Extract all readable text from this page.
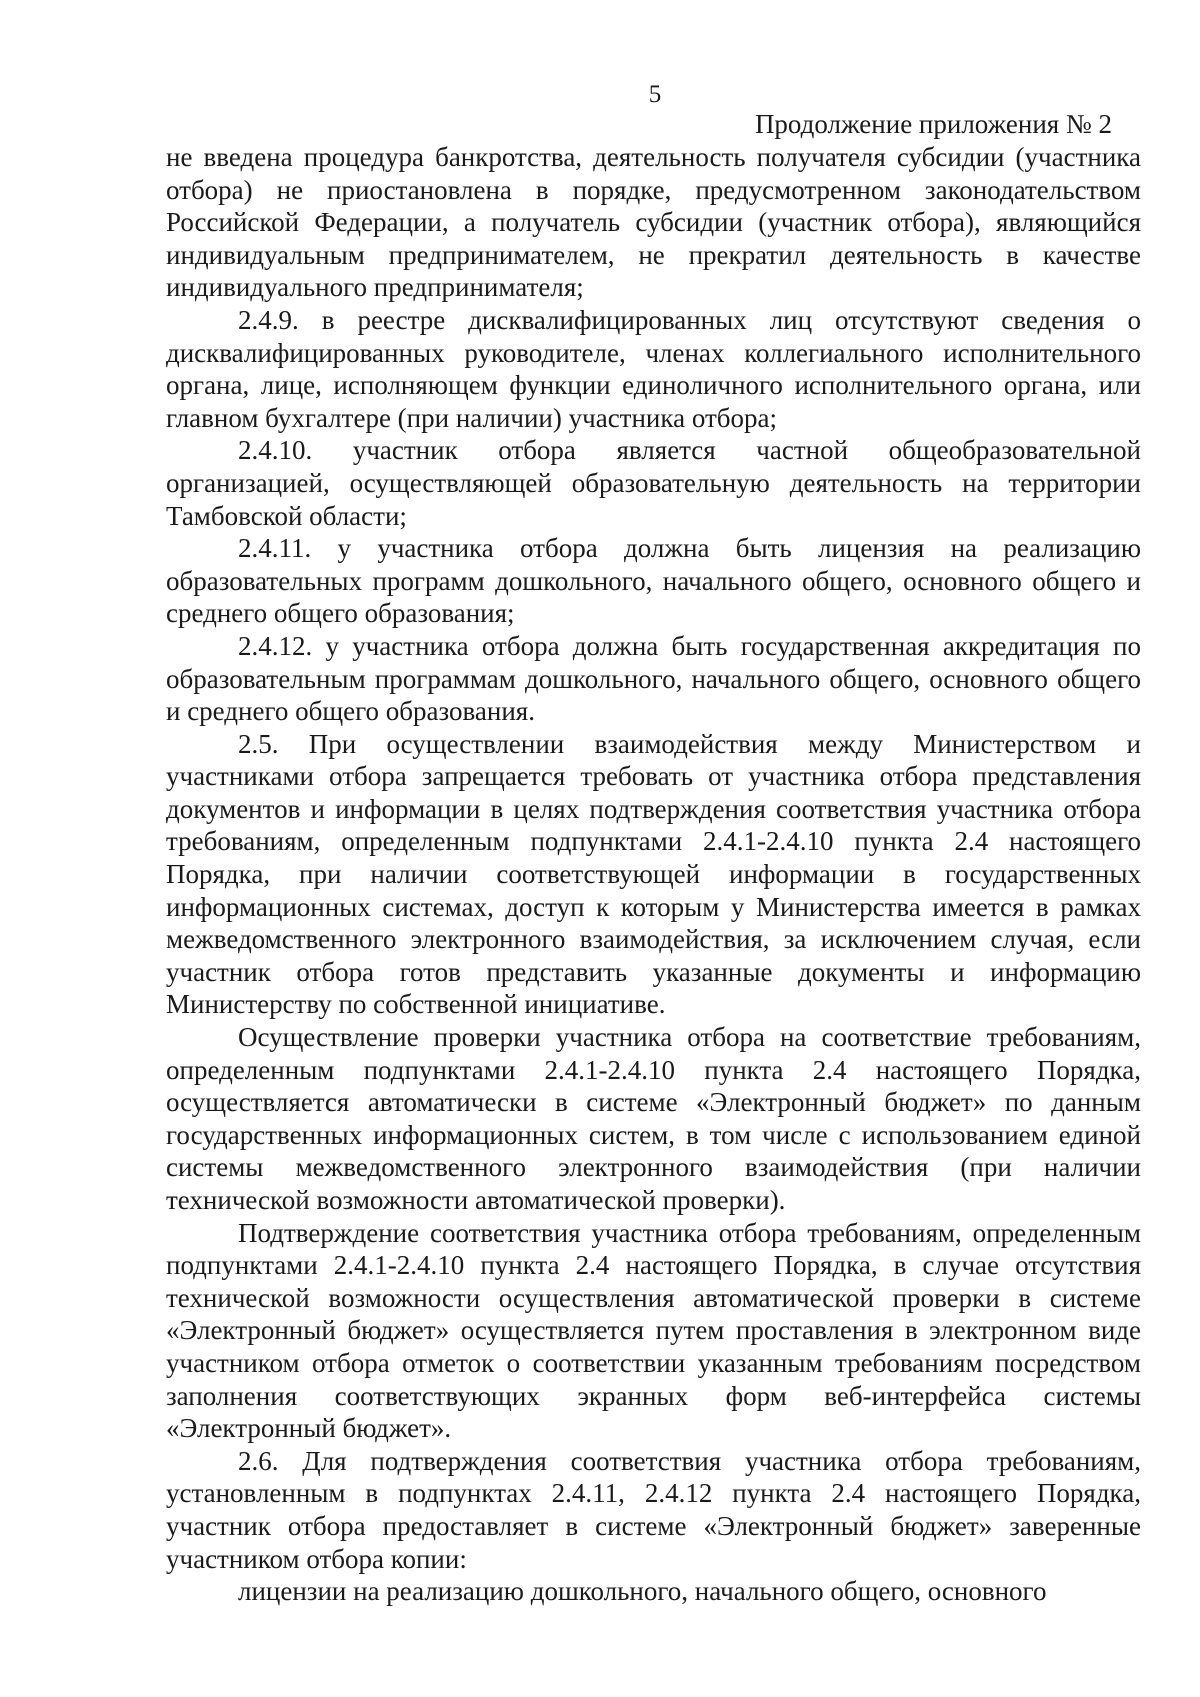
5
Продолжение приложения № 2

не введена процедура банкротства, деятельность получателя субсидии (участника отбора) не приостановлена в порядке, предусмотренном законодательством Российской Федерации, а получатель субсидии (участник отбора), являющийся индивидуальным предпринимателем, не прекратил деятельность в качестве индивидуального предпринимателя;

2.4.9. в реестре дисквалифицированных лиц отсутствуют сведения о дисквалифицированных руководителе, членах коллегиального исполнительного органа, лице, исполняющем функции единоличного исполнительного органа, или главном бухгалтере (при наличии) участника отбора;

2.4.10. участник отбора является частной общеобразовательной организацией, осуществляющей образовательную деятельность на территории Тамбовской области;

2.4.11. у участника отбора должна быть лицензия на реализацию образовательных программ дошкольного, начального общего, основного общего и среднего общего образования;

2.4.12. у участника отбора должна быть государственная аккредитация по образовательным программам дошкольного, начального общего, основного общего и среднего общего образования.

2.5. При осуществлении взаимодействия между Министерством и участниками отбора запрещается требовать от участника отбора представления документов и информации в целях подтверждения соответствия участника отбора требованиям, определенным подпунктами 2.4.1-2.4.10 пункта 2.4 настоящего Порядка, при наличии соответствующей информации в государственных информационных системах, доступ к которым у Министерства имеется в рамках межведомственного электронного взаимодействия, за исключением случая, если участник отбора готов представить указанные документы и информацию Министерству по собственной инициативе.

Осуществление проверки участника отбора на соответствие требованиям, определенным подпунктами 2.4.1-2.4.10 пункта 2.4 настоящего Порядка, осуществляется автоматически в системе «Электронный бюджет» по данным государственных информационных систем, в том числе с использованием единой системы межведомственного электронного взаимодействия (при наличии технической возможности автоматической проверки).

Подтверждение соответствия участника отбора требованиям, определенным подпунктами 2.4.1-2.4.10 пункта 2.4 настоящего Порядка, в случае отсутствия технической возможности осуществления автоматической проверки в системе «Электронный бюджет» осуществляется путем проставления в электронном виде участником отбора отметок о соответствии указанным требованиям посредством заполнения соответствующих экранных форм веб-интерфейса системы «Электронный бюджет».

2.6. Для подтверждения соответствия участника отбора требованиям, установленным в подпунктах 2.4.11, 2.4.12 пункта 2.4 настоящего Порядка, участник отбора предоставляет в системе «Электронный бюджет» заверенные участником отбора копии:

лицензии на реализацию дошкольного, начального общего, основного
